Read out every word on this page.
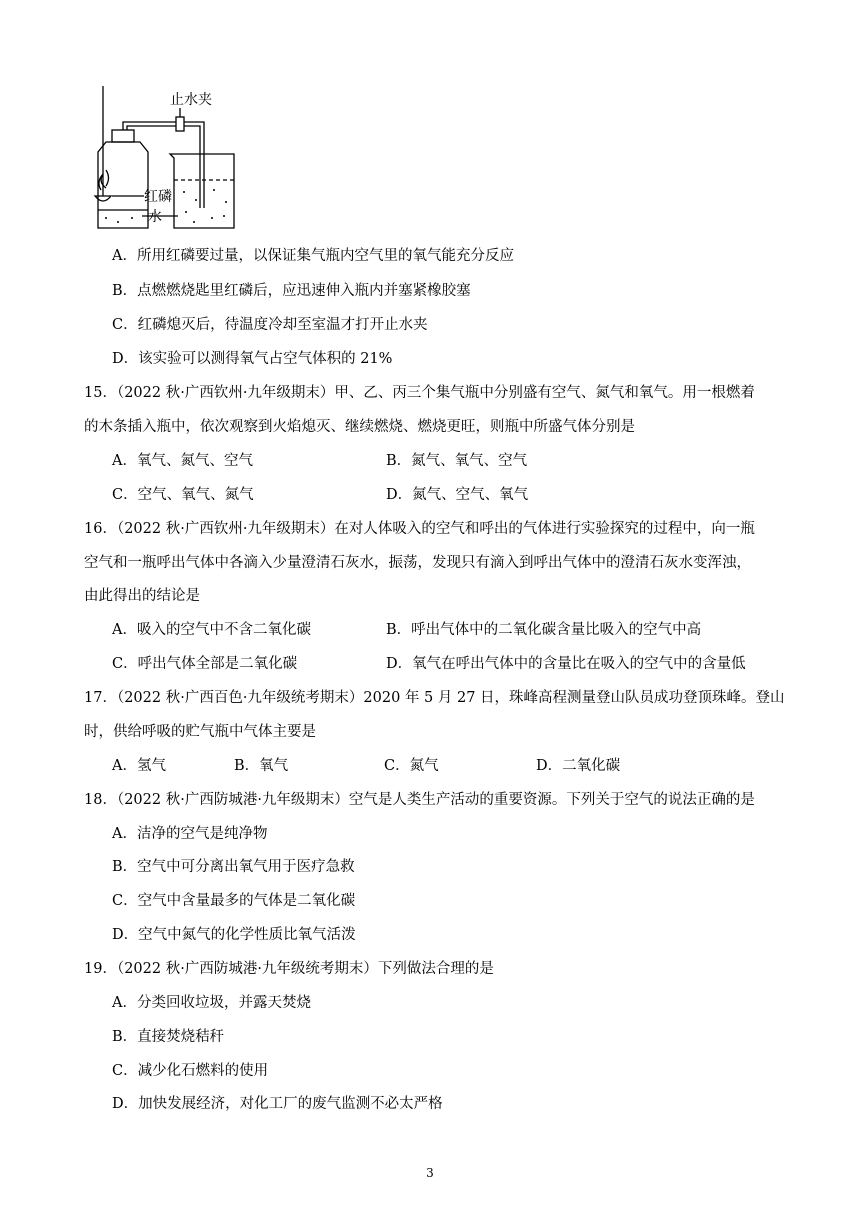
止水夹
红磷
水
A．所用红磷要过量，以保证集气瓶内空气里的氧气能充分反应
B．点燃燃烧匙里红磷后，应迅速伸入瓶内并塞紧橡胶塞
C．红磷熄灭后，待温度冷却至室温才打开止水夹
D．该实验可以测得氧气占空气体积的 21%
15．（2022 秋·广西钦州·九年级期末）甲、乙、丙三个集气瓶中分别盛有空气、氮气和氧气。用一根燃着
的木条插入瓶中，依次观察到火焰熄灭、继续燃烧、燃烧更旺，则瓶中所盛气体分别是
A．氧气、氮气、空气	B．氮气、氧气、空气
C．空气、氧气、氮气	D．氮气、空气、氧气
16．（2022 秋·广西钦州·九年级期末）在对人体吸入的空气和呼出的气体进行实验探究的过程中，向一瓶
空气和一瓶呼出气体中各滴入少量澄清石灰水，振荡，发现只有滴入到呼出气体中的澄清石灰水变浑浊，
由此得出的结论是
A．吸入的空气中不含二氧化碳	B．呼出气体中的二氧化碳含量比吸入的空气中高
C．呼出气体全部是二氧化碳	D．氧气在呼出气体中的含量比在吸入的空气中的含量低
17．（2022 秋·广西百色·九年级统考期末）2020 年 5 月 27 日，珠峰高程测量登山队员成功登顶珠峰。登山
时，供给呼吸的贮气瓶中气体主要是
A．氢气	B．氧气	C．氮气	D．二氧化碳
18．（2022 秋·广西防城港·九年级期末）空气是人类生产活动的重要资源。下列关于空气的说法正确的是
A．洁净的空气是纯净物
B．空气中可分离出氧气用于医疗急救
C．空气中含量最多的气体是二氧化碳
D．空气中氮气的化学性质比氧气活泼
19．（2022 秋·广西防城港·九年级统考期末）下列做法合理的是
A．分类回收垃圾，并露天焚烧
B．直接焚烧秸秆
C．减少化石燃料的使用
D．加快发展经济，对化工厂的废气监测不必太严格
3
